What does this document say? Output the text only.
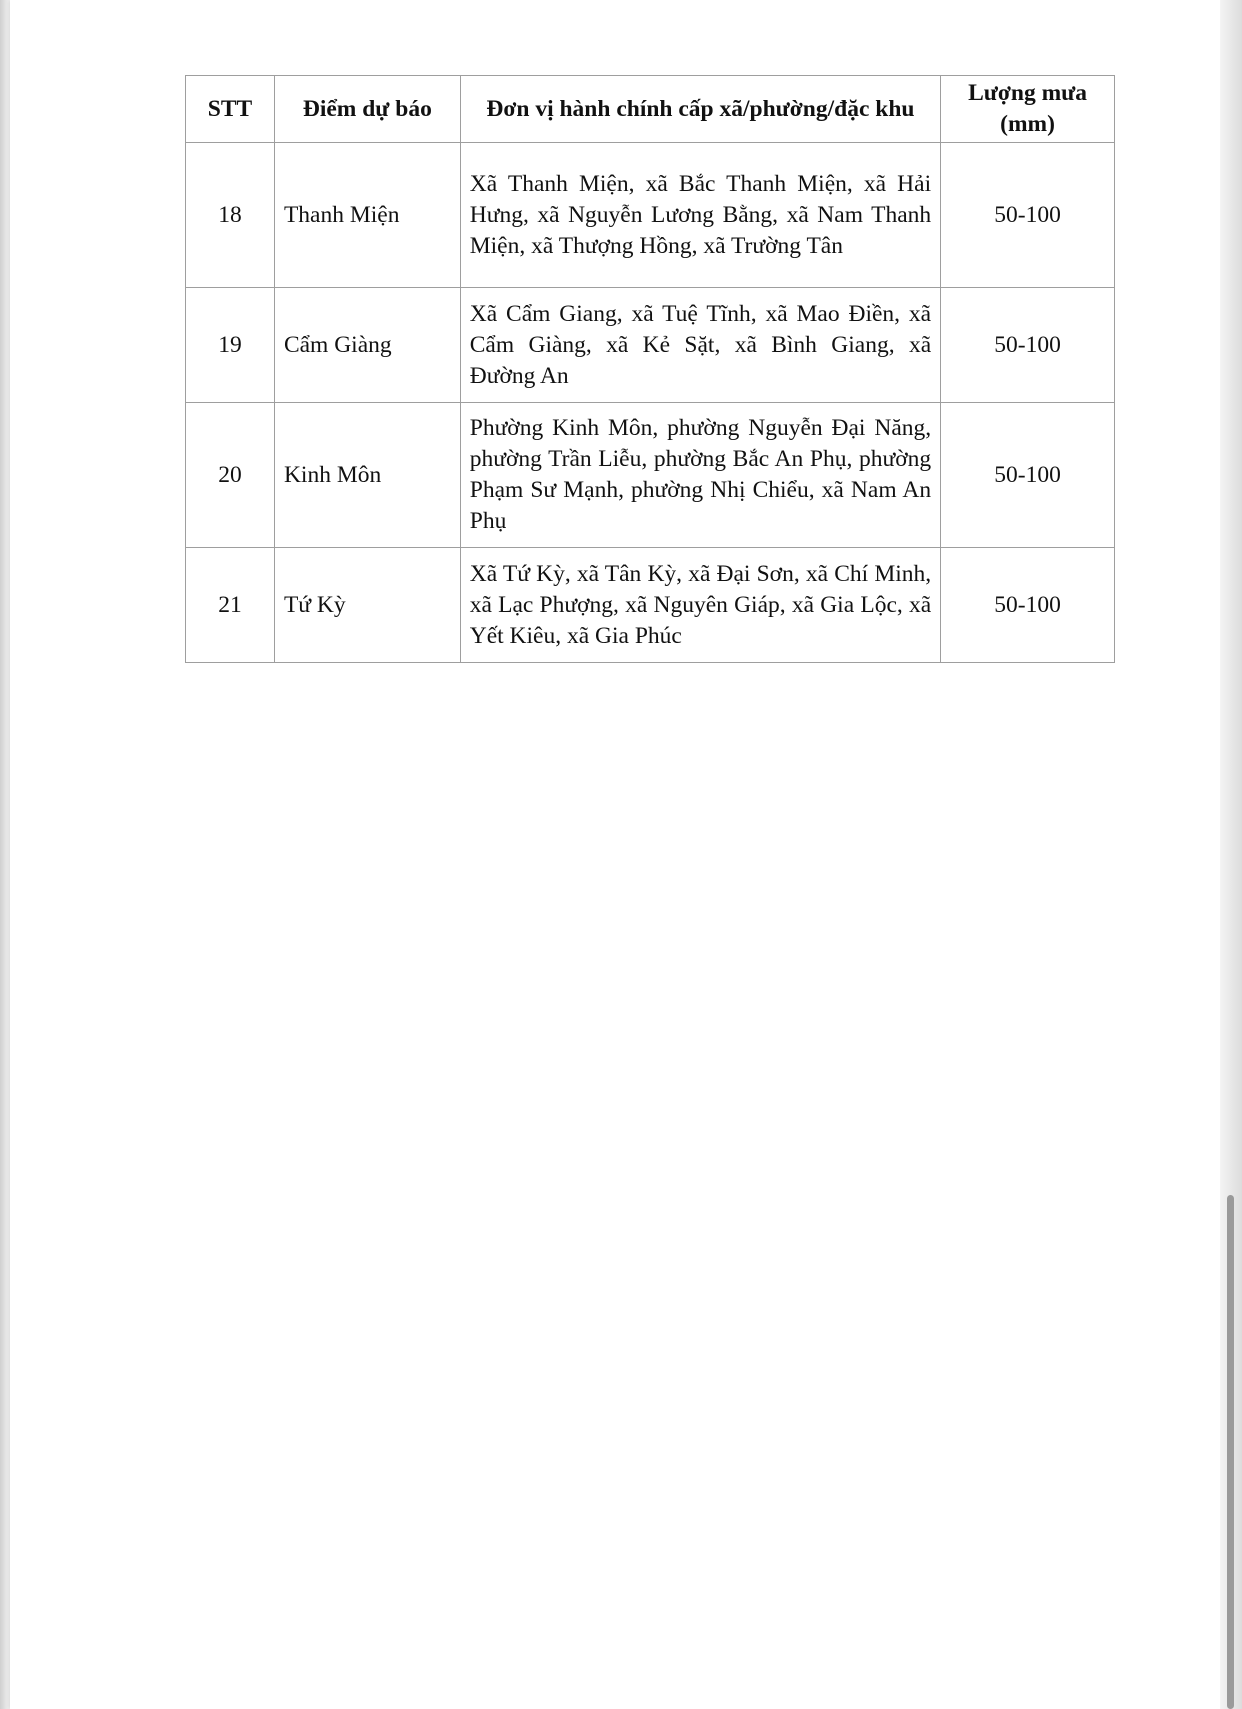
STT	Điểm dự báo	Đơn vị hành chính cấp xã/phường/đặc khu	Lượng mưa (mm)
18	Thanh Miện	Xã Thanh Miện, xã Bắc Thanh Miện, xã Hải Hưng, xã Nguyễn Lương Bằng, xã Nam Thanh Miện, xã Thượng Hồng, xã Trường Tân	50-100
19	Cẩm Giàng	Xã Cẩm Giang, xã Tuệ Tĩnh, xã Mao Điền, xã Cẩm Giàng, xã Kẻ Sặt, xã Bình Giang, xã Đường An	50-100
20	Kinh Môn	Phường Kinh Môn, phường Nguyễn Đại Năng, phường Trần Liễu, phường Bắc An Phụ, phường Phạm Sư Mạnh, phường Nhị Chiểu, xã Nam An Phụ	50-100
21	Tứ Kỳ	Xã Tứ Kỳ, xã Tân Kỳ, xã Đại Sơn, xã Chí Minh, xã Lạc Phượng, xã Nguyên Giáp, xã Gia Lộc, xã Yết Kiêu, xã Gia Phúc	50-100
